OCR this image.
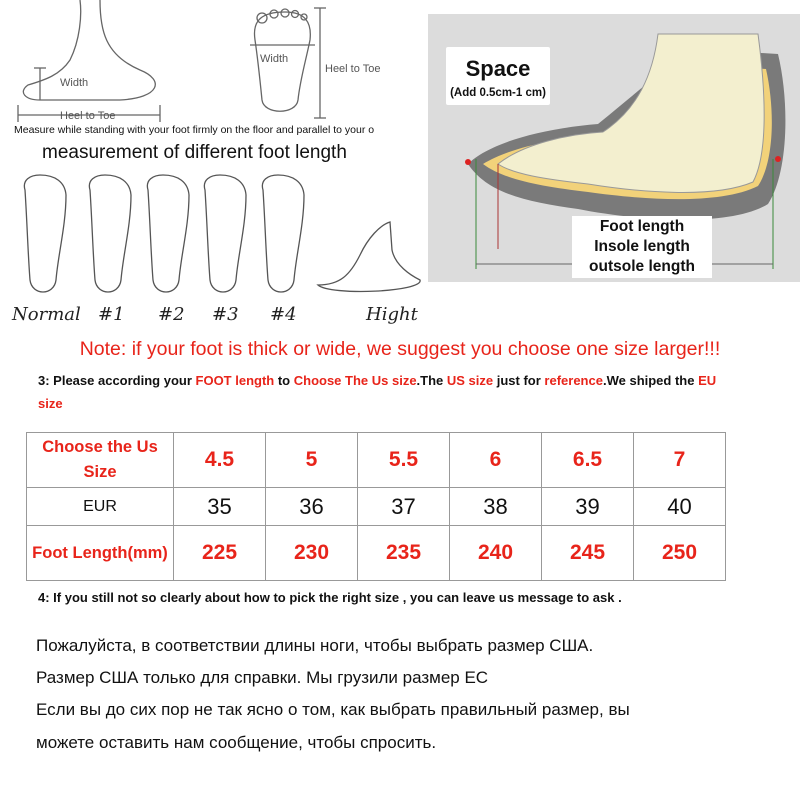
Width
Heel to Toe
Width
Heel to Toe
Normal #1 #2 #3 #4	Hight
Measure while standing with your foot firmly on the floor and parallel to your o
measurement of different foot length
Space
(Add 0.5cm-1 cm)
Foot length
Insole length
outsole length
Note: if your foot is thick or wide, we suggest you choose one size larger!!!
3: Please according your FOOT length to Choose The Us size.The US size just for reference.We shiped the EU size
Choose the Us Size	4.5	5	5.5	6	6.5	7
EUR	35	36	37	38	39	40
Foot Length(mm)	225	230	235	240	245	250
4: If you still not so clearly about how to pick the right size , you can leave us message to ask .
Пожалуйста, в соответствии длины ноги, чтобы выбрать размер США.
Размер США только для справки. Мы грузили размер ЕС
Если вы до сих пор не так ясно о том, как выбрать правильный размер, вы
можете оставить нам сообщение, чтобы спросить.
